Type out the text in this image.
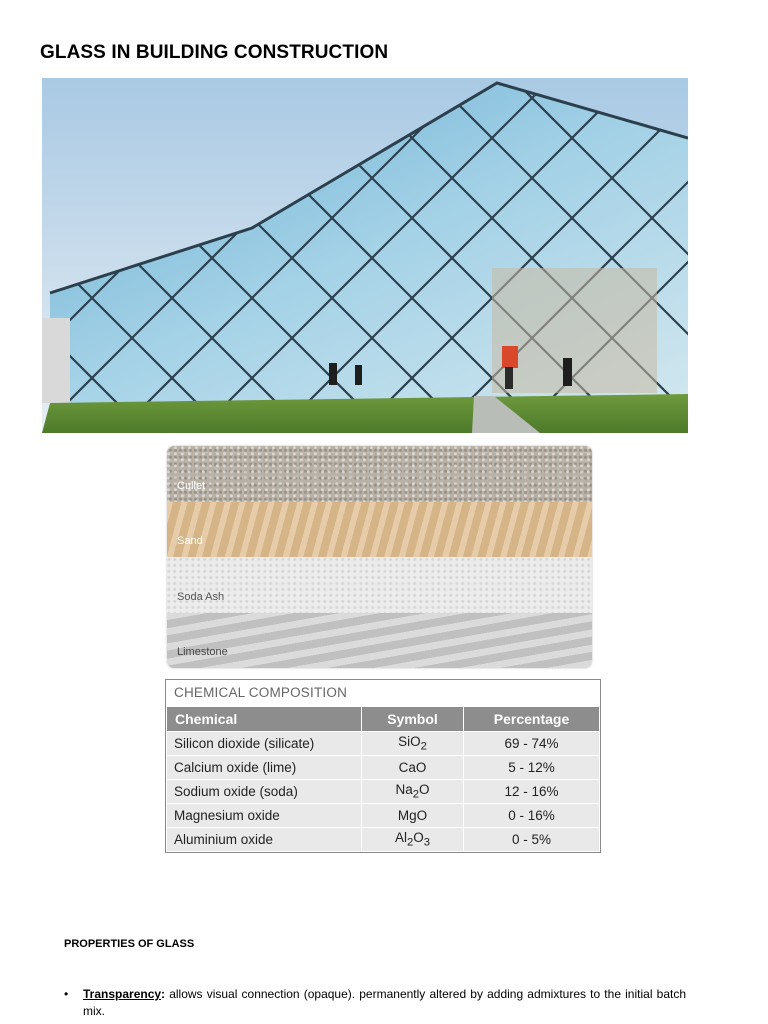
GLASS IN BUILDING CONSTRUCTION
Cullet
Sand
Soda Ash
Limestone
CHEMICAL COMPOSITION
Chemical	Symbol	Percentage
Silicon dioxide (silicate)	SiO$_2$	69 - 74%
Calcium oxide (lime)	CaO	5 - 12%
Sodium oxide (soda)	$Na_2O$	12 - 16%
Magnesium oxide	MgO	0 - 16%
Aluminium oxide	$Al_2O_3$	0 - 5%
PROPERTIES OF GLASS
• Transparency: allows visual connection (opaque). permanently altered by adding admixtures to the initial batch mix.
